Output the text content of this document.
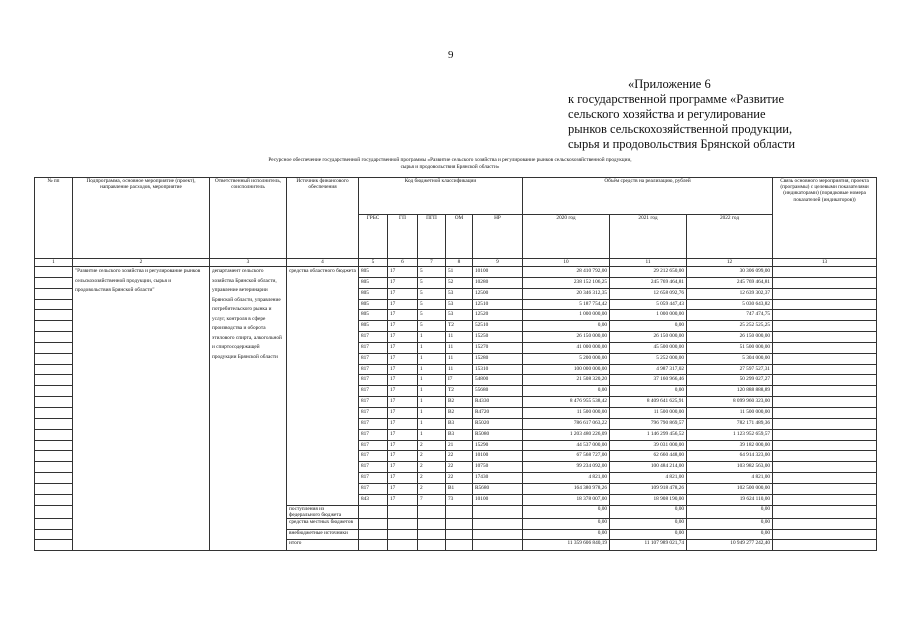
9
«Приложение 6
к государственной программе «Развитие
сельского хозяйства и регулирование
рынков сельскохозяйственной продукции,
сырья и продовольствия Брянской области
Ресурсное обеспечение государственной государственной программы «Развитие сельского хозяйства и регулирование рынков сельскохозяйственной продукции,
сырья и продовольствия Брянской области»
№ пп	Подпрограмма, основное мероприятие (проект), направление расходов, мероприятие	Ответственный исполнитель, соисполнитель	Источник финансового обеспечения	Код бюджетной классификации					Объём средств на реализацию, рублей			Связь основного мероприятия, проекта (программы) с целевыми показателями (индикаторами) (порядковые номера показателей (индикаторов))
				ГРБС	ГП	ПГП	ОМ	НР	2020 год	2021 год	2022 год	
1	2	3	4	5	6	7	8	9	10	11	12	13
	"Развитие сельского хозяйства и регулирование рынков сельскохозяйственной продукции, сырья и продовольствия Брянской области"	департамент сельского хозяйства Брянской области, управление ветеринарии Брянской области, управление потребительского рынка и услуг, контроля в сфере производства и оборота этилового спирта, алкогольной и спиртосодержащей продукции Брянской области	средства областного бюджета	805	17	5	51	10100	28 410 792,00	29 212 650,00	30 306 099,00	
				805	17	5	52	10280	238 152 106,25	245 769 464,81	245 769 464,81	
				805	17	5	53	12500	20 346 312,35	12 658 092,76	12 639 302,37	
				805	17	5	53	12510	5 187 754,42	5 059 447,43	5 030 643,82	
				805	17	5	53	12520	1 000 000,00	1 000 000,00	747 474,75	
				805	17	5	Т2	52510	0,00	0,00	25 252 525,25	
				817	17	1	11	15250	26 150 000,00	26 150 000,00	26 150 000,00	
				817	17	1	11	15270	41 000 000,00	45 500 000,00	51 500 000,00	
				817	17	1	11	15280	5 200 000,00	5 252 000,00	5 304 000,00	
				817	17	1	11	15310	100 000 000,00	4 987 317,02	27 597 527,31	
				817	17	1	І7	54800	21 508 320,20	37 160 966,46	50 299 027,27	
				817	17	1	Т2	55680	0,00	0,00	120 888 888,89	
				817	17	1	В2	R4330	8 476 955 538,42	8 409 641 625,91	8 099 960 323,00	
				817	17	1	В2	R4720	11 500 000,00	11 500 000,00	11 500 000,00	
				817	17	1	В3	R5020	786 617 063,22	796 790 869,57	782 171 489,36	
				817	17	1	В3	R5080	1 203 480 226,09	1 146 299 456,52	1 123 952 659,57	
				817	17	2	21	15290	44 537 000,00	39 031 000,00	39 182 000,00	
				817	17	2	22	10100	67 568 727,00	62 660 448,00	64 914 323,00	
				817	17	2	22	10750	99 234 092,00	100 484 214,00	103 982 563,00	
				817	17	2	22	17430	4 821,00	4 821,00	4 821,00	
				817	17	2	В1	R5680	164 380 978,26	109 918 478,26	102 500 000,00	
				843	17	7	73	10100	18 378 007,00	18 908 190,00	19 624 110,00	
			поступления из федерального бюджета						0,00	0,00	0,00	
			средства местных бюджетов						0,00	0,00	0,00	
			внебюджетные источники						0,00	0,00	0,00	
			итого						11 359 606 840,19	11 107 989 021,74	10 949 277 242,40	
